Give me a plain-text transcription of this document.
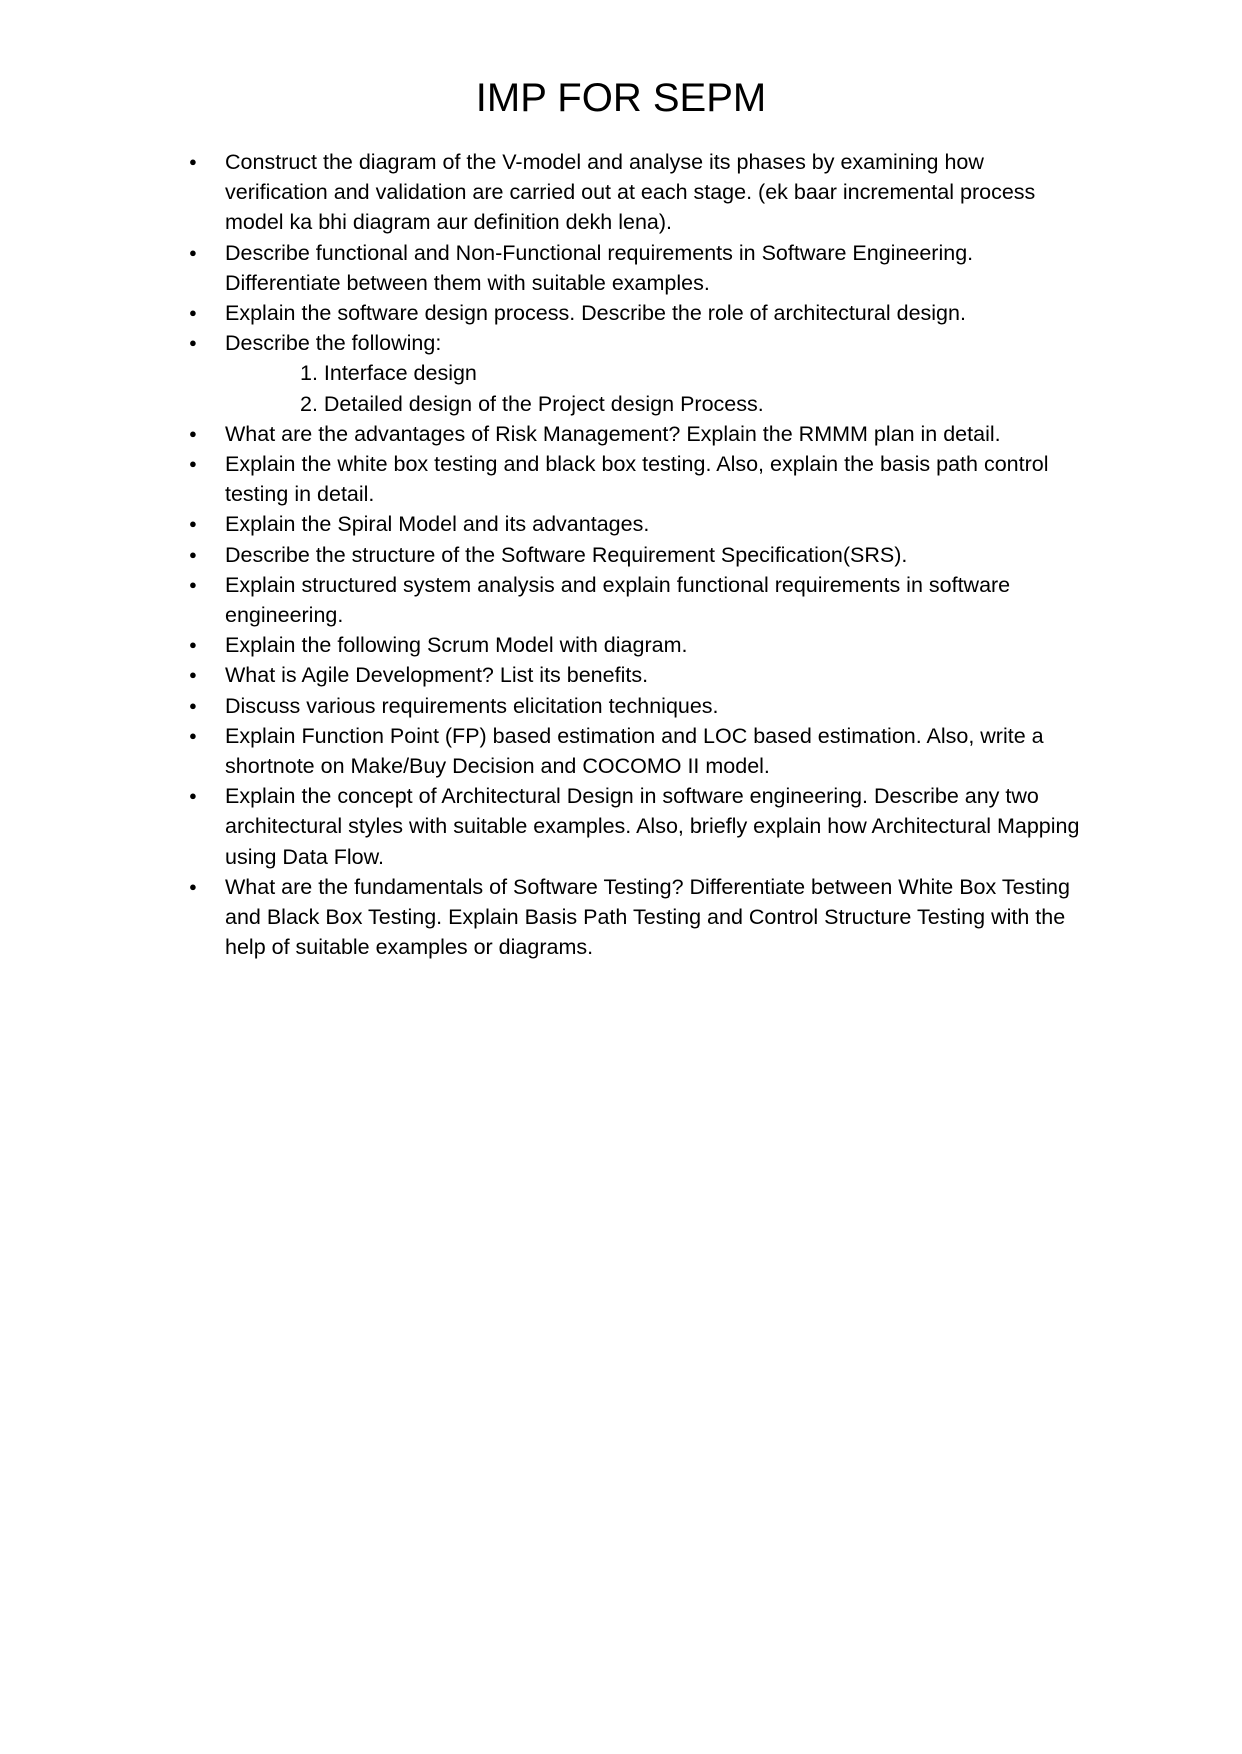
IMP FOR SEPM
● Construct the diagram of the V-model and analyse its phases by examining how verification and validation are carried out at each stage. (ek baar incremental process model ka bhi diagram aur definition dekh lena).
● Describe functional and Non-Functional requirements in Software Engineering. Differentiate between them with suitable examples.
● Explain the software design process. Describe the role of architectural design.
● Describe the following:
1. Interface design
2. Detailed design of the Project design Process.
● What are the advantages of Risk Management? Explain the RMMM plan in detail.
● Explain the white box testing and black box testing. Also, explain the basis path control testing in detail.
● Explain the Spiral Model and its advantages.
● Describe the structure of the Software Requirement Specification(SRS).
● Explain structured system analysis and explain functional requirements in software engineering.
● Explain the following Scrum Model with diagram.
● What is Agile Development? List its benefits.
● Discuss various requirements elicitation techniques.
● Explain Function Point (FP) based estimation and LOC based estimation. Also, write a shortnote on Make/Buy Decision and COCOMO II model.
● Explain the concept of Architectural Design in software engineering. Describe any two architectural styles with suitable examples. Also, briefly explain how Architectural Mapping using Data Flow.
● What are the fundamentals of Software Testing? Differentiate between White Box Testing and Black Box Testing. Explain Basis Path Testing and Control Structure Testing with the help of suitable examples or diagrams.
